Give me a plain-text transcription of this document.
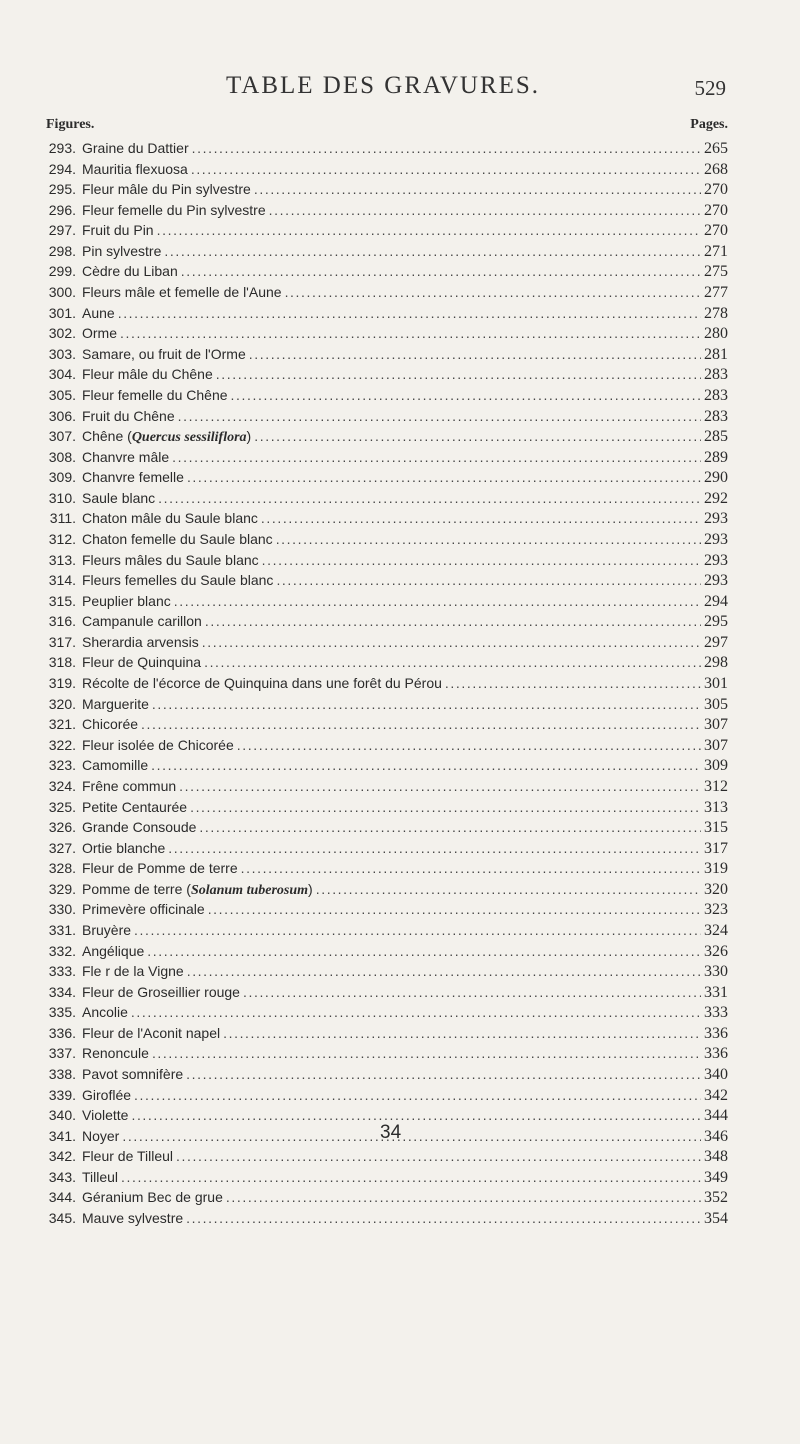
TABLE DES GRAVURES.	529
Figures.	Pages.
293. Graine du Dattier .....	265
294. Mauritia flexuosa .....	268
295. Fleur mâle du Pin sylvestre .....	270
296. Fleur femelle du Pin sylvestre .....	270
297. Fruit du Pin .....	270
298. Pin sylvestre .....	271
299. Cèdre du Liban .....	275
300. Fleurs mâle et femelle de l'Aune .....	277
301. Aune .....	278
302. Orme .....	280
303. Samare, ou fruit de l'Orme .....	281
304. Fleur mâle du Chêne .....	283
305. Fleur femelle du Chêne .....	283
306. Fruit du Chêne .....	283
307. Chêne (Quercus sessiliflora) .....	285
308. Chanvre mâle .....	289
309. Chanvre femelle .....	290
310. Saule blanc .....	292
311. Chaton mâle du Saule blanc .....	293
312. Chaton femelle du Saule blanc .....	293
313. Fleurs mâles du Saule blanc .....	293
314. Fleurs femelles du Saule blanc .....	293
315. Peuplier blanc .....	294
316. Campanule carillon .....	295
317. Sherardia arvensis .....	297
318. Fleur de Quinquina .....	298
319. Récolte de l'écorce de Quinquina dans une forêt du Pérou .....	301
320. Marguerite .....	305
321. Chicorée .....	307
322. Fleur isolée de Chicorée .....	307
323. Camomille .....	309
324. Frêne commun .....	312
325. Petite Centaurée .....	313
326. Grande Consoude .....	315
327. Ortie blanche .....	317
328. Fleur de Pomme de terre .....	319
329. Pomme de terre (Solanum tuberosum) .....	320
330. Primevère officinale .....	323
331. Bruyère .....	324
332. Angélique .....	326
333. Fle r de la Vigne .....	330
334. Fleur de Groseillier rouge .....	331
335. Ancolie .....	333
336. Fleur de l'Aconit napel .....	336
337. Renoncule .....	336
338. Pavot somnifère .....	340
339. Giroflée .....	342
340. Violette .....	344
341. Noyer .....	346
342. Fleur de Tilleul .....	348
343. Tilleul .....	349
344. Géranium Bec de grue .....	352
345. Mauve sylvestre .....	354
34
